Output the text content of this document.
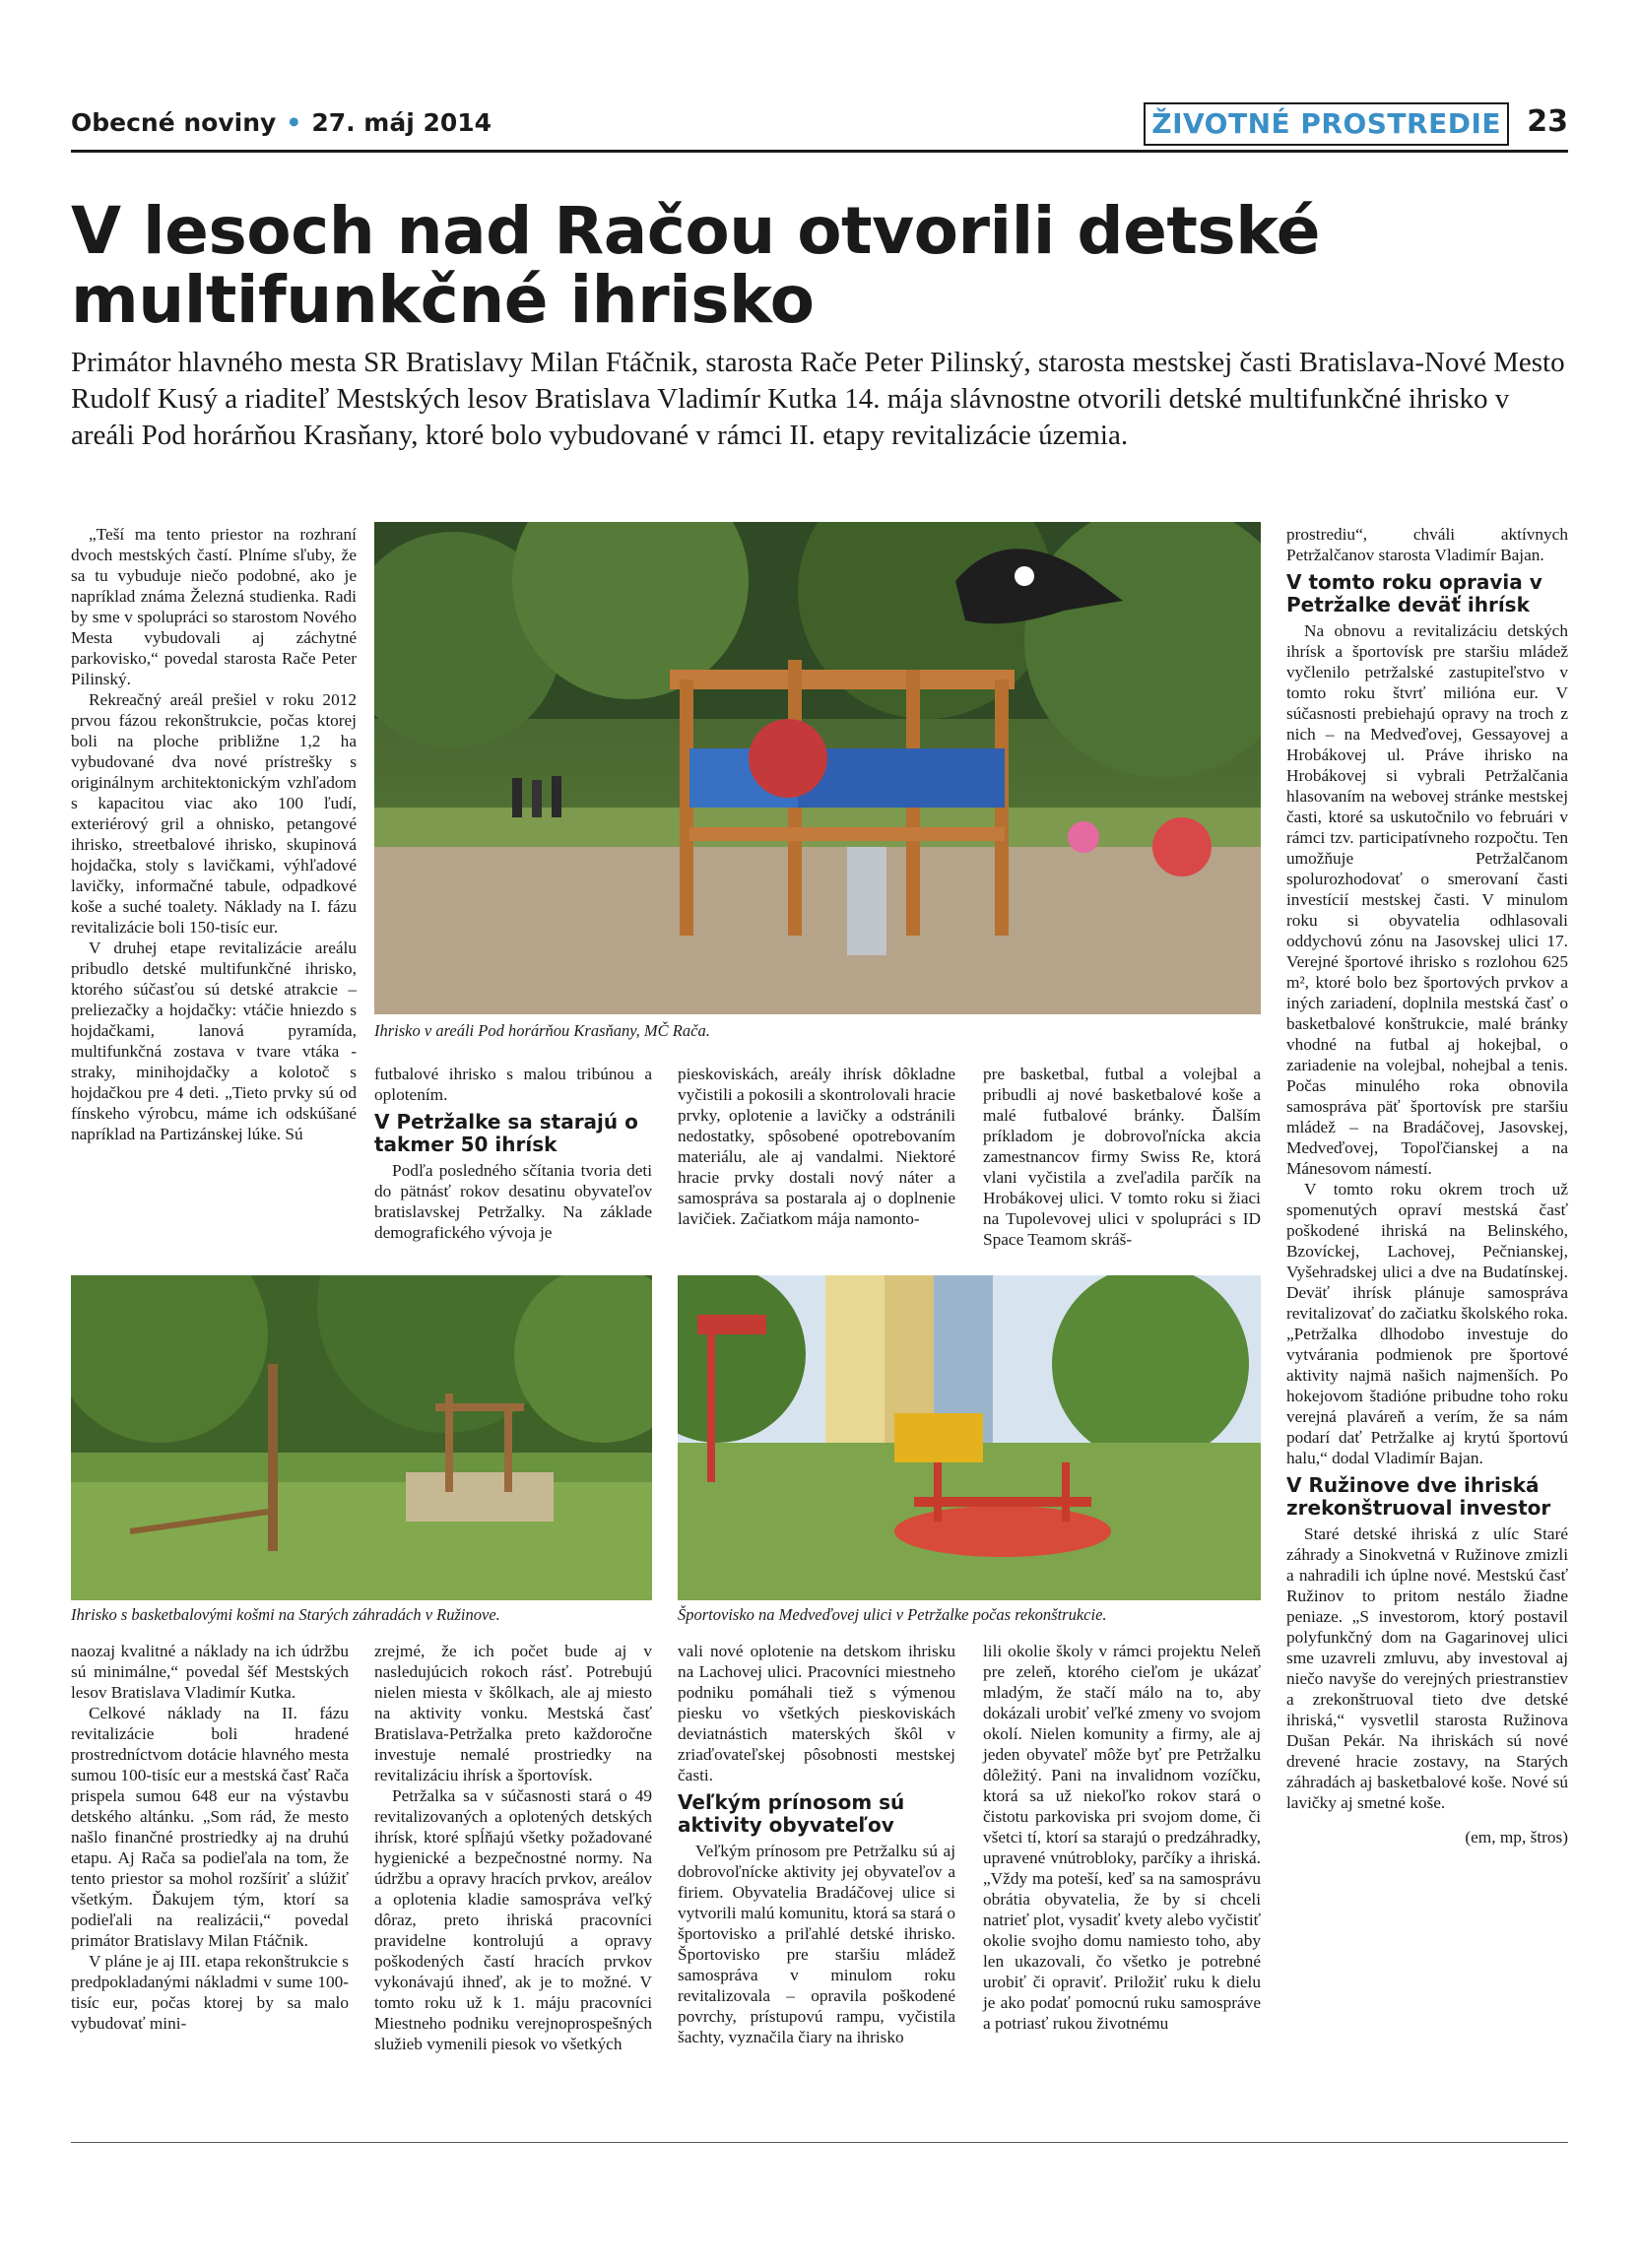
Obecné noviny • 27. máj 2014	ŽIVOTNÉ PROSTREDIE 23
V lesoch nad Račou otvorili detské multifunkčné ihrisko

Primátor hlavného mesta SR Bratislavy Milan Ftáčnik, starosta Rače Peter Pilinský, starosta mestskej časti Bratislava-Nové Mesto Rudolf Kusý a riaditeľ Mestských lesov Bratislava Vladimír Kutka 14. mája slávnostne otvorili detské multifunkčné ihrisko v areáli Pod horárňou Krasňany, ktoré bolo vybudované v rámci II. etapy revitalizácie územia.

Ihrisko v areáli Pod horárňou Krasňany, MČ Rača.

„Teší ma tento priestor na rozhraní dvoch mestských častí. Plníme sľuby, že sa tu vybuduje niečo podobné, ako je napríklad známa Železná studienka. Radi by sme v spolupráci so starostom Nového Mesta vybudovali aj záchytné parkovisko,“ povedal starosta Rače Peter Pilinský.

Rekreačný areál prešiel v roku 2012 prvou fázou rekonštrukcie, počas ktorej boli na ploche približne 1,2 ha vybudované dva nové prístrešky s originálnym architektonickým vzhľadom s kapacitou viac ako 100 ľudí, exteriérový gril a ohnisko, petangové ihrisko, streetbalové ihrisko, skupinová hojdačka, stoly s lavičkami, výhľadové lavičky, informačné tabule, odpadkové koše a suché toalety. Náklady na I. fázu revitalizácie boli 150-tisíc eur.

V druhej etape revitalizácie areálu pribudlo detské multifunkčné ihrisko, ktorého súčasťou sú detské atrakcie – preliezačky a hojdačky: vtáčie hniezdo s hojdačkami, lanová pyramída, multifunkčná zostava v tvare vtáka - straky, minihojdačky a kolotoč s hojdačkou pre 4 deti. „Tieto prvky sú od fínskeho výrobcu, máme ich odskúšané napríklad na Partizánskej lúke. Sú

futbalové ihrisko s malou tribúnou a oplotením.

V Petržalke sa starajú o takmer 50 ihrísk

Podľa posledného sčítania tvoria deti do pätnásť rokov desatinu obyvateľov bratislavskej Petržalky. Na základe demografického vývoja je

pieskoviskách, areály ihrísk dôkladne vyčistili a pokosili a skontrolovali hracie prvky, oplotenie a lavičky a odstránili nedostatky, spôsobené opotrebovaním materiálu, ale aj vandalmi. Niektoré hracie prvky dostali nový náter a samospráva sa postarala aj o doplnenie lavičiek. Začiatkom mája namonto-

pre basketbal, futbal a volejbal a pribudli aj nové basketbalové koše a malé futbalové bránky. Ďalším príkladom je dobrovoľnícka akcia zamestnancov firmy Swiss Re, ktorá vlani vyčistila a zveľadila parčík na Hrobákovej ulici. V tomto roku si žiaci na Tupolevovej ulici v spolupráci s ID Space Teamom skráš-

prostrediu“, chváli aktívnych Petržalčanov starosta Vladimír Bajan.

V tomto roku opravia v Petržalke deväť ihrísk

Na obnovu a revitalizáciu detských ihrísk a športovísk pre staršiu mládež vyčlenilo petržalské zastupiteľstvo v tomto roku štvrť milióna eur. V súčasnosti prebiehajú opravy na troch z nich – na Medveďovej, Gessayovej a Hrobákovej ul. Práve ihrisko na Hrobákovej si vybrali Petržalčania hlasovaním na webovej stránke mestskej časti, ktoré sa uskutočnilo vo februári v rámci tzv. participatívneho rozpočtu. Ten umožňuje Petržalčanom spolurozhodovať o smerovaní časti investícií mestskej časti. V minulom roku si obyvatelia odhlasovali oddychovú zónu na Jasovskej ulici 17. Verejné športové ihrisko s rozlohou 625 m², ktoré bolo bez športových prvkov a iných zariadení, doplnila mestská časť o basketbalové konštrukcie, malé bránky vhodné na futbal aj hokejbal, o zariadenie na volejbal, nohejbal a tenis. Počas minulého roka obnovila samospráva päť športovísk pre staršiu mládež – na Bradáčovej, Jasovskej, Medveďovej, Topoľčianskej a na Mánesovom námestí.

V tomto roku okrem troch už spomenutých opraví mestská časť poškodené ihriská na Belinského, Bzovíckej, Lachovej, Pečnianskej, Vyšehradskej ulici a dve na Budatínskej. Deväť ihrísk plánuje samospráva revitalizovať do začiatku školského roka. „Petržalka dlhodobo investuje do vytvárania podmienok pre športové aktivity najmä našich najmenších. Po hokejovom štadióne pribudne toho roku verejná plaváreň a verím, že sa nám podarí dať Petržalke aj krytú športovú halu,“ dodal Vladimír Bajan.

V Ružinove dve ihriská zrekonštruoval investor

Staré detské ihriská z ulíc Staré záhrady a Sinokvetná v Ružinove zmizli a nahradili ich úplne nové. Mestskú časť Ružinov to pritom nestálo žiadne peniaze. „S investorom, ktorý postavil polyfunkčný dom na Gagarinovej ulici sme uzavreli zmluvu, aby investoval aj niečo navyše do verejných priestranstiev a zrekonštruoval tieto dve detské ihriská,“ vysvetlil starosta Ružinova Dušan Pekár. Na ihriskách sú nové drevené hracie zostavy, na Starých záhradách aj basketbalové koše. Nové sú lavičky aj smetné koše.

(em, mp, štros)

Ihrisko s basketbalovými košmi na Starých záhradách v Ružinove.	Športovisko na Medveďovej ulici v Petržalke počas rekonštrukcie.

naozaj kvalitné a náklady na ich údržbu sú minimálne,“ povedal šéf Mestských lesov Bratislava Vladimír Kutka.

Celkové náklady na II. fázu revitalizácie boli hradené prostredníctvom dotácie hlavného mesta sumou 100-tisíc eur a mestská časť Rača prispela sumou 648 eur na výstavbu detského altánku. „Som rád, že mesto našlo finančné prostriedky aj na druhú etapu. Aj Rača sa podieľala na tom, že tento priestor sa mohol rozšíriť a slúžiť všetkým. Ďakujem tým, ktorí sa podieľali na realizácii,“ povedal primátor Bratislavy Milan Ftáčnik.

V pláne je aj III. etapa rekonštrukcie s predpokladanými nákladmi v sume 100-tisíc eur, počas ktorej by sa malo vybudovať mini-

zrejmé, že ich počet bude aj v nasledujúcich rokoch rásť. Potrebujú nielen miesta v škôlkach, ale aj miesto na aktivity vonku. Mestská časť Bratislava-Petržalka preto každoročne investuje nemalé prostriedky na revitalizáciu ihrísk a športovísk.

Petržalka sa v súčasnosti stará o 49 revitalizovaných a oplotených detských ihrísk, ktoré spĺňajú všetky požadované hygienické a bezpečnostné normy. Na údržbu a opravy hracích prvkov, areálov a oplotenia kladie samospráva veľký dôraz, preto ihriská pracovníci pravidelne kontrolujú a opravy poškodených častí hracích prvkov vykonávajú ihneď, ak je to možné. V tomto roku už k 1. máju pracovníci Miestneho podniku verejnoprospešných služieb vymenili piesok vo všetkých

vali nové oplotenie na detskom ihrisku na Lachovej ulici. Pracovníci miestneho podniku pomáhali tiež s výmenou piesku vo všetkých pieskoviskách deviatnástich materských škôl v zriaďovateľskej pôsobnosti mestskej časti.

Veľkým prínosom sú aktivity obyvateľov

Veľkým prínosom pre Petržalku sú aj dobrovoľnícke aktivity jej obyvateľov a firiem. Obyvatelia Bradáčovej ulice si vytvorili malú komunitu, ktorá sa stará o športovisko a priľahlé detské ihrisko. Športovisko pre staršiu mládež samospráva v minulom roku revitalizovala – opravila poškodené povrchy, prístupovú rampu, vyčistila šachty, vyznačila čiary na ihrisko

lili okolie školy v rámci projektu Neleň pre zeleň, ktorého cieľom je ukázať mladým, že stačí málo na to, aby dokázali urobiť veľké zmeny vo svojom okolí. Nielen komunity a firmy, ale aj jeden obyvateľ môže byť pre Petržalku dôležitý. Pani na invalidnom vozíčku, ktorá sa už niekoľko rokov stará o čistotu parkoviska pri svojom dome, či všetci tí, ktorí sa starajú o predzáhradky, upravené vnútrobloky, parčíky a ihriská. „Vždy ma poteší, keď sa na samosprávu obrátia obyvatelia, že by si chceli natrieť plot, vysadiť kvety alebo vyčistiť okolie svojho domu namiesto toho, aby len ukazovali, čo všetko je potrebné urobiť či opraviť. Priložiť ruku k dielu je ako podať pomocnú ruku samospráve a potriasť rukou životnému
